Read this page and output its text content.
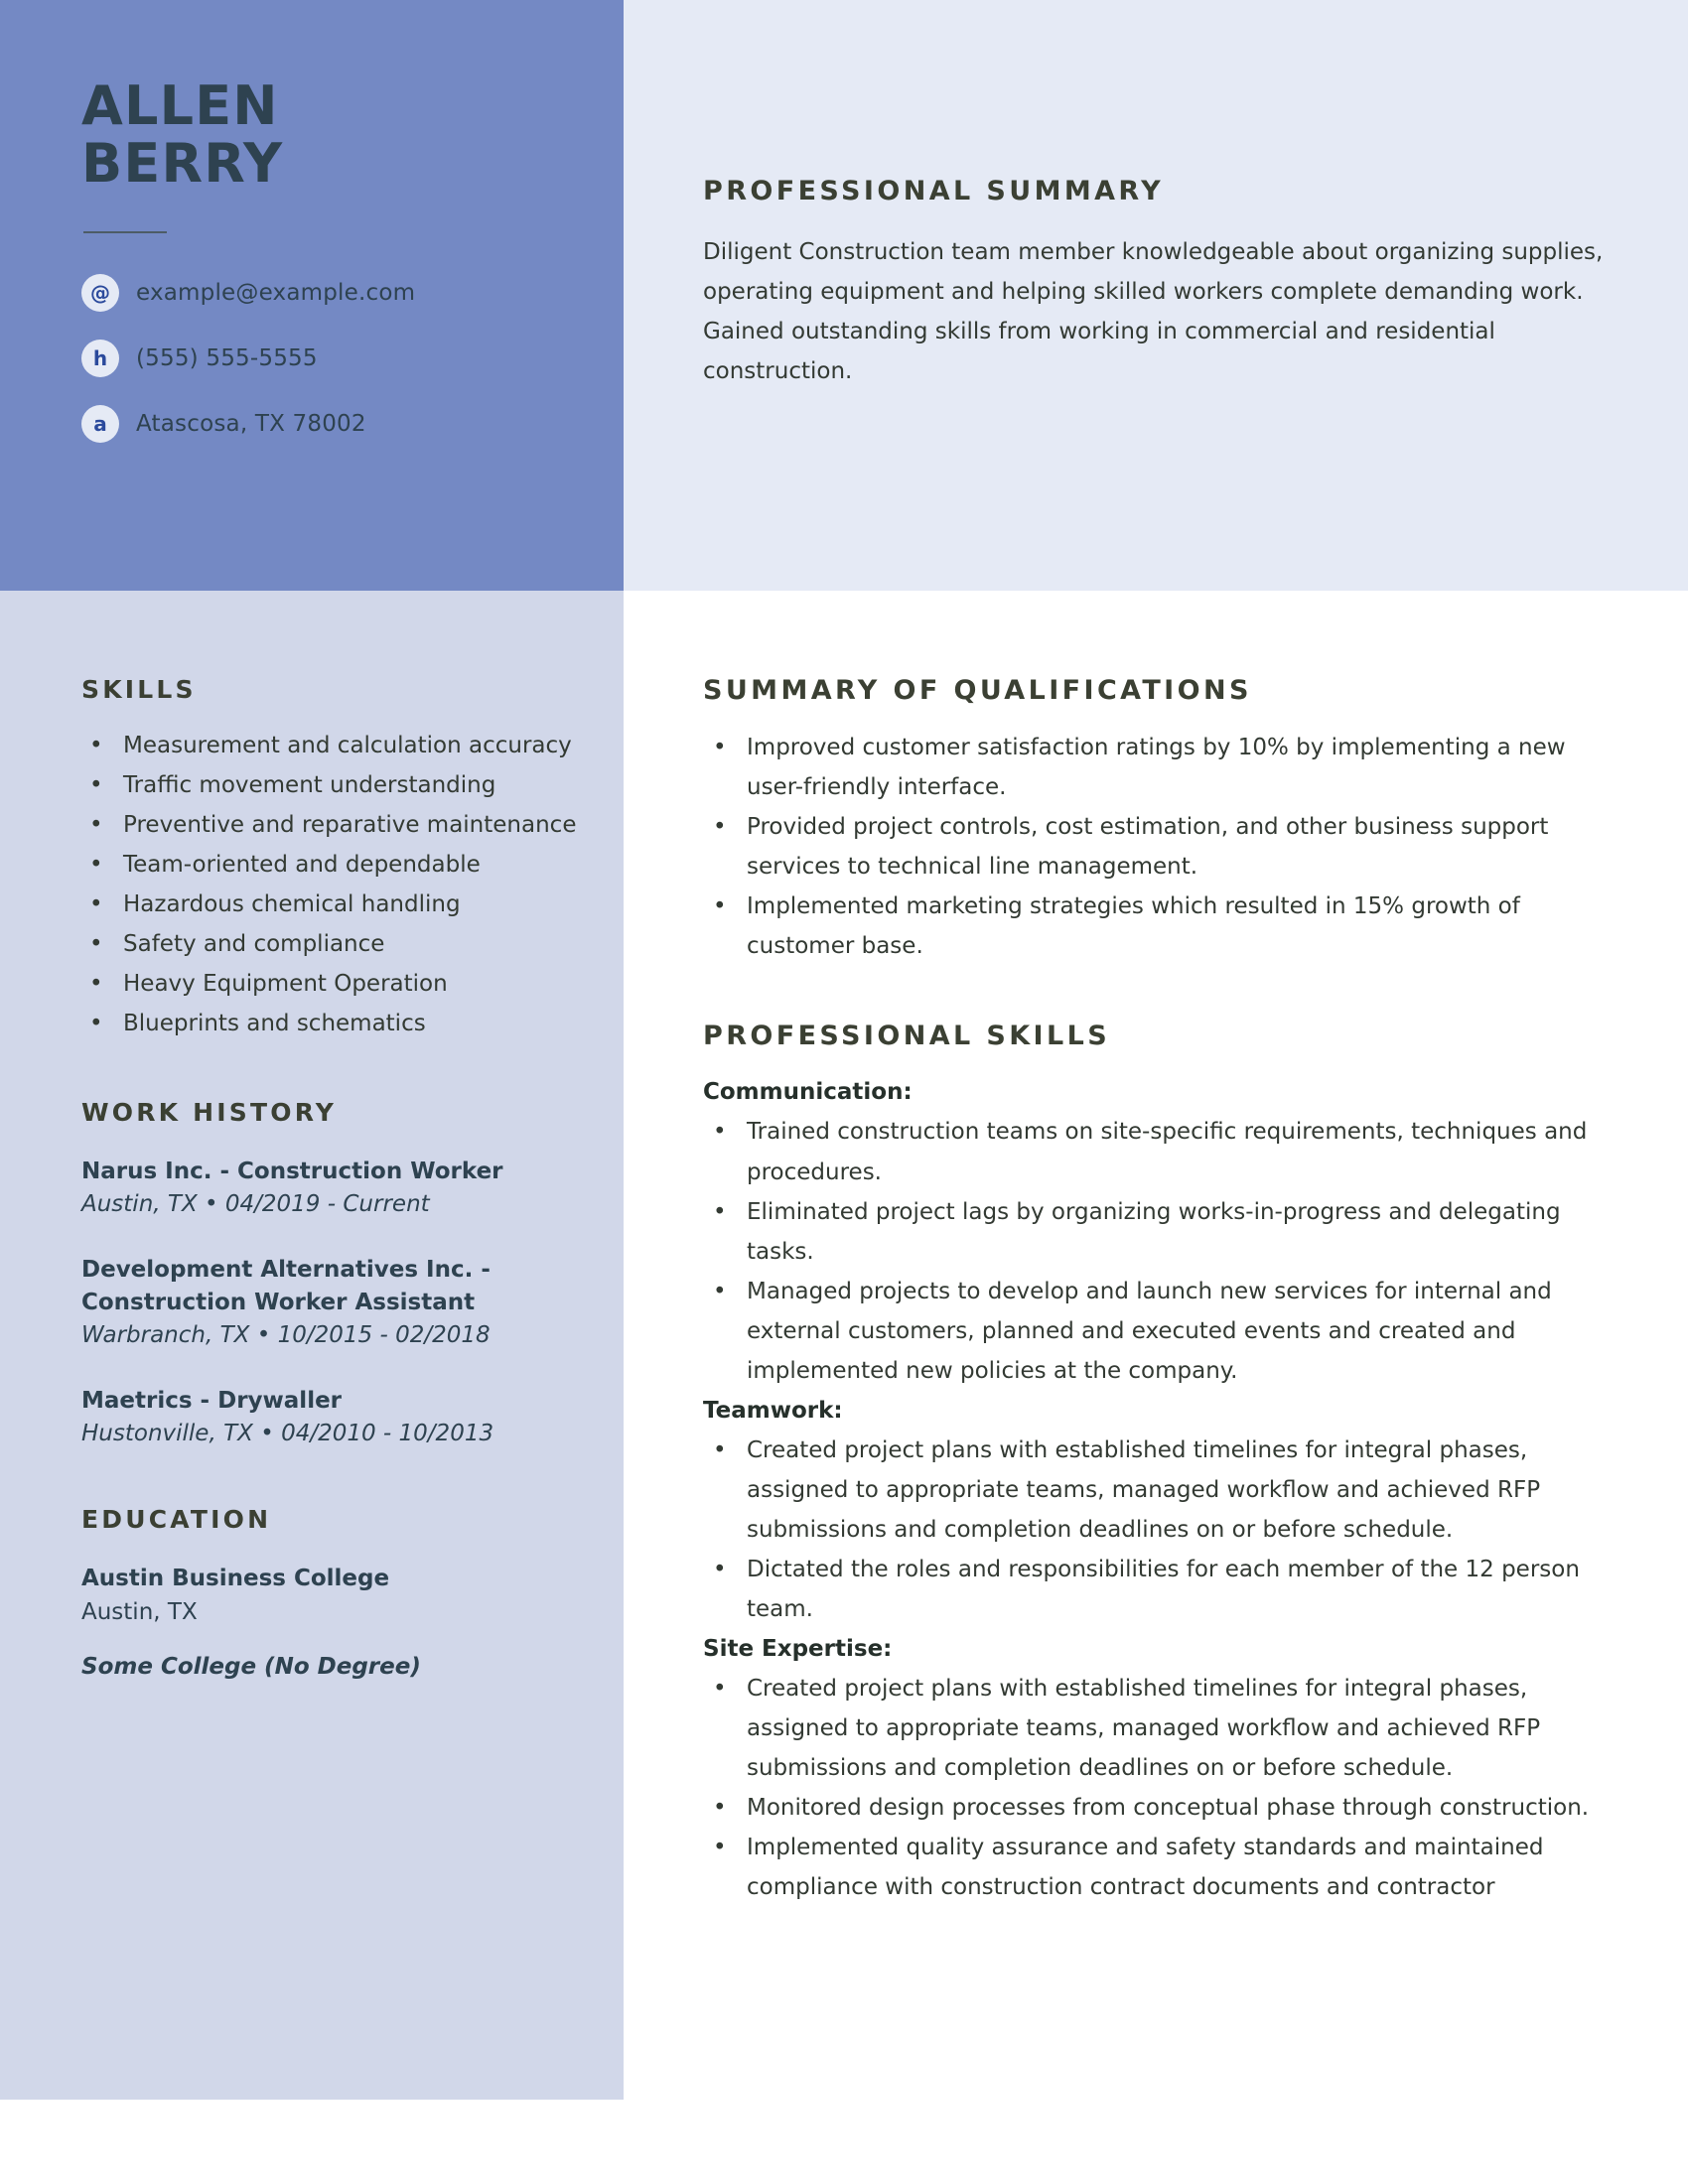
ALLEN
BERRY
@	example@example.com
h	(555) 555-5555
a	Atascosa, TX 78002
PROFESSIONAL SUMMARY

Diligent Construction team member knowledgeable about organizing supplies, operating equipment and helping skilled workers complete demanding work. Gained outstanding skills from working in commercial and residential construction.

SKILLS
• Measurement and calculation accuracy
• Traffic movement understanding
• Preventive and reparative maintenance
• Team-oriented and dependable
• Hazardous chemical handling
• Safety and compliance
• Heavy Equipment Operation
• Blueprints and schematics
WORK HISTORY
Narus Inc. - Construction Worker
Austin, TX • 04/2019 - Current
Development Alternatives Inc. - Construction Worker Assistant
Warbranch, TX • 10/2015 - 02/2018
Maetrics - Drywaller
Hustonville, TX • 04/2010 - 10/2013
EDUCATION
Austin Business College
Austin, TX
Some College (No Degree)
SUMMARY OF QUALIFICATIONS
• Improved customer satisfaction ratings by 10% by implementing a new user-friendly interface.
• Provided project controls, cost estimation, and other business support services to technical line management.
• Implemented marketing strategies which resulted in 15% growth of customer base.
PROFESSIONAL SKILLS
Communication:
• Trained construction teams on site-specific requirements, techniques and procedures.
• Eliminated project lags by organizing works-in-progress and delegating tasks.
• Managed projects to develop and launch new services for internal and external customers, planned and executed events and created and implemented new policies at the company.
Teamwork:
• Created project plans with established timelines for integral phases, assigned to appropriate teams, managed workflow and achieved RFP submissions and completion deadlines on or before schedule.
• Dictated the roles and responsibilities for each member of the 12 person team.
Site Expertise:
• Created project plans with established timelines for integral phases, assigned to appropriate teams, managed workflow and achieved RFP submissions and completion deadlines on or before schedule.
• Monitored design processes from conceptual phase through construction.
• Implemented quality assurance and safety standards and maintained compliance with construction contract documents and contractor
